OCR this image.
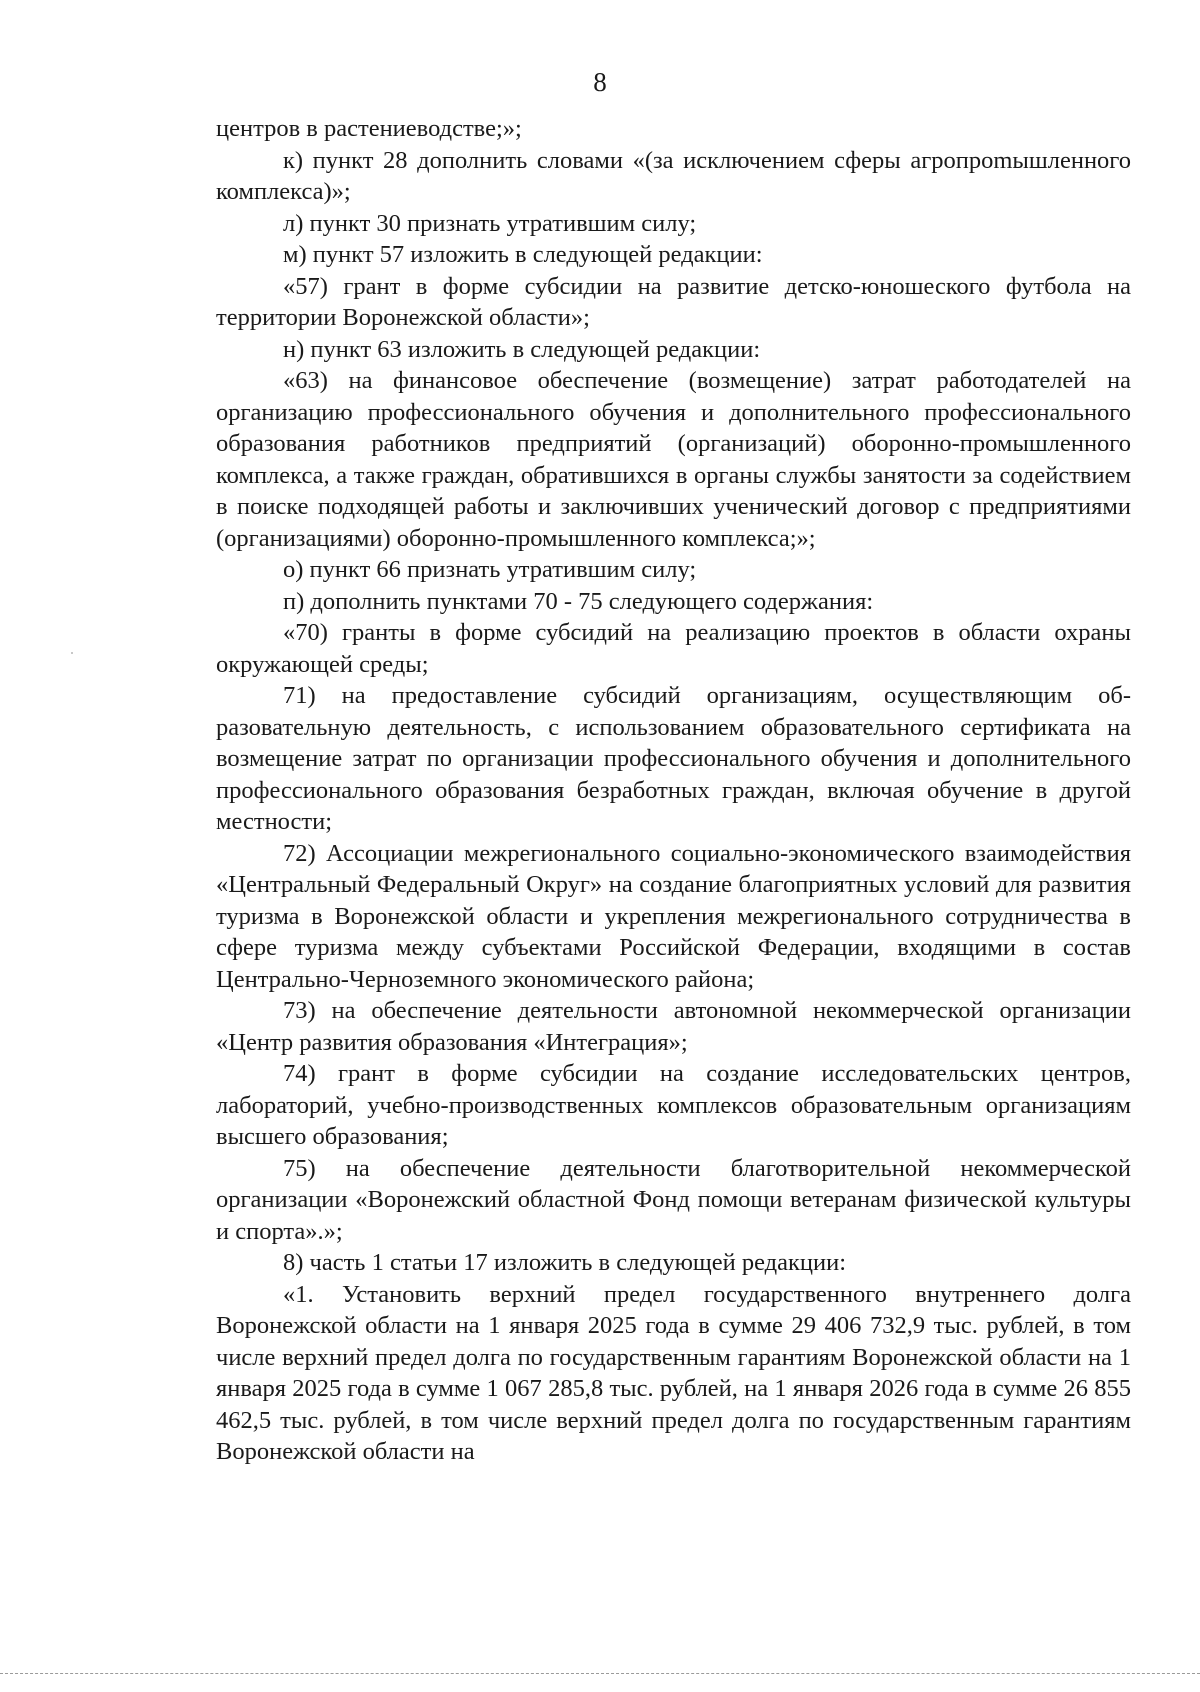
8

центров в растениеводстве;»;

к) пункт 28 дополнить словами «(за исключением сферы агропроmышленного комплекса)»;

л) пункт 30 признать утратившим силу;

м) пункт 57 изложить в следующей редакции:

«57) грант в форме субсидии на развитие детско-юношеского футбола на территории Воронежской области»;

н) пункт 63 изложить в следующей редакции:

«63) на финансовое обеспечение (возмещение) затрат работодателей на организацию профессионального обучения и дополнительного профессионального образования работников предприятий (организаций) оборонно-промышленного комплекса, а также граждан, обратившихся в органы службы занятости за содействием в поиске подходящей работы и заключивших ученический договор с предприятиями (организациями) оборонно-промышленного комплекса;»;

о) пункт 66 признать утратившим силу;

п) дополнить пунктами 70 - 75 следующего содержания:

«70) гранты в форме субсидий на реализацию проектов в области охраны окружающей среды;

71) на предоставление субсидий организациям, осуществляющим образовательную деятельность, с использованием образовательного сертификата на возмещение затрат по организации профессионального обучения и дополнительного профессионального образования безработных граждан, включая обучение в другой местности;

72) Ассоциации межрегионального социально-экономического взаимодействия «Центральный Федеральный Округ» на создание благоприятных условий для развития туризма в Воронежской области и укрепления межрегионального сотрудничества в сфере туризма между субъектами Российской Федерации, входящими в состав Центрально-Черноземного экономического района;

73) на обеспечение деятельности автономной некоммерческой организации «Центр развития образования «Интеграция»;

74) грант в форме субсидии на создание исследовательских центров, лабораторий, учебно-производственных комплексов образовательным организациям высшего образования;

75) на обеспечение деятельности благотворительной некоммерческой организации «Воронежский областной Фонд помощи ветеранам физической культуры и спорта».»;

8) часть 1 статьи 17 изложить в следующей редакции:

«1. Установить верхний предел государственного внутреннего долга Воронежской области на 1 января 2025 года в сумме 29 406 732,9 тыс. рублей, в том числе верхний предел долга по государственным гарантиям Воронежской области на 1 января 2025 года в сумме 1 067 285,8 тыс. рублей, на 1 января 2026 года в сумме 26 855 462,5 тыс. рублей, в том числе верхний предел долга по государственным гарантиям Воронежской области на
